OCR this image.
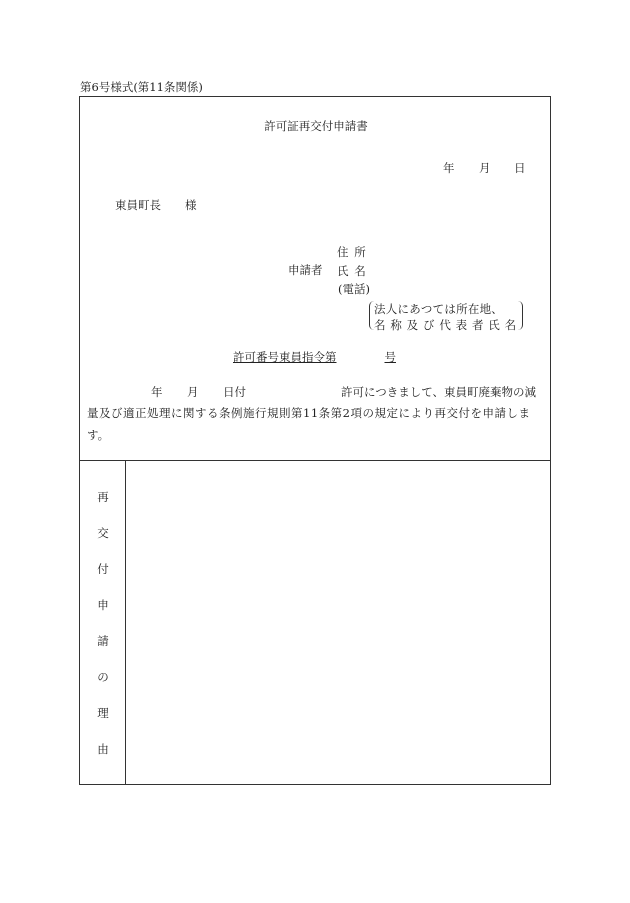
第6号様式(第11条関係)
許可証再交付申請書
年 月 日
東員町長 様
申請者
住所
氏名
(電話)
法人にあつては所在地、
名称及び代表者氏名
許可番号東員指令第	号
年 月 日付	許可につきまして、東員町廃棄物の減
量及び適正処理に関する条例施行規則第11条第2項の規定により再交付を申請しま
す。
再
交
付
申
請
の
理
由
